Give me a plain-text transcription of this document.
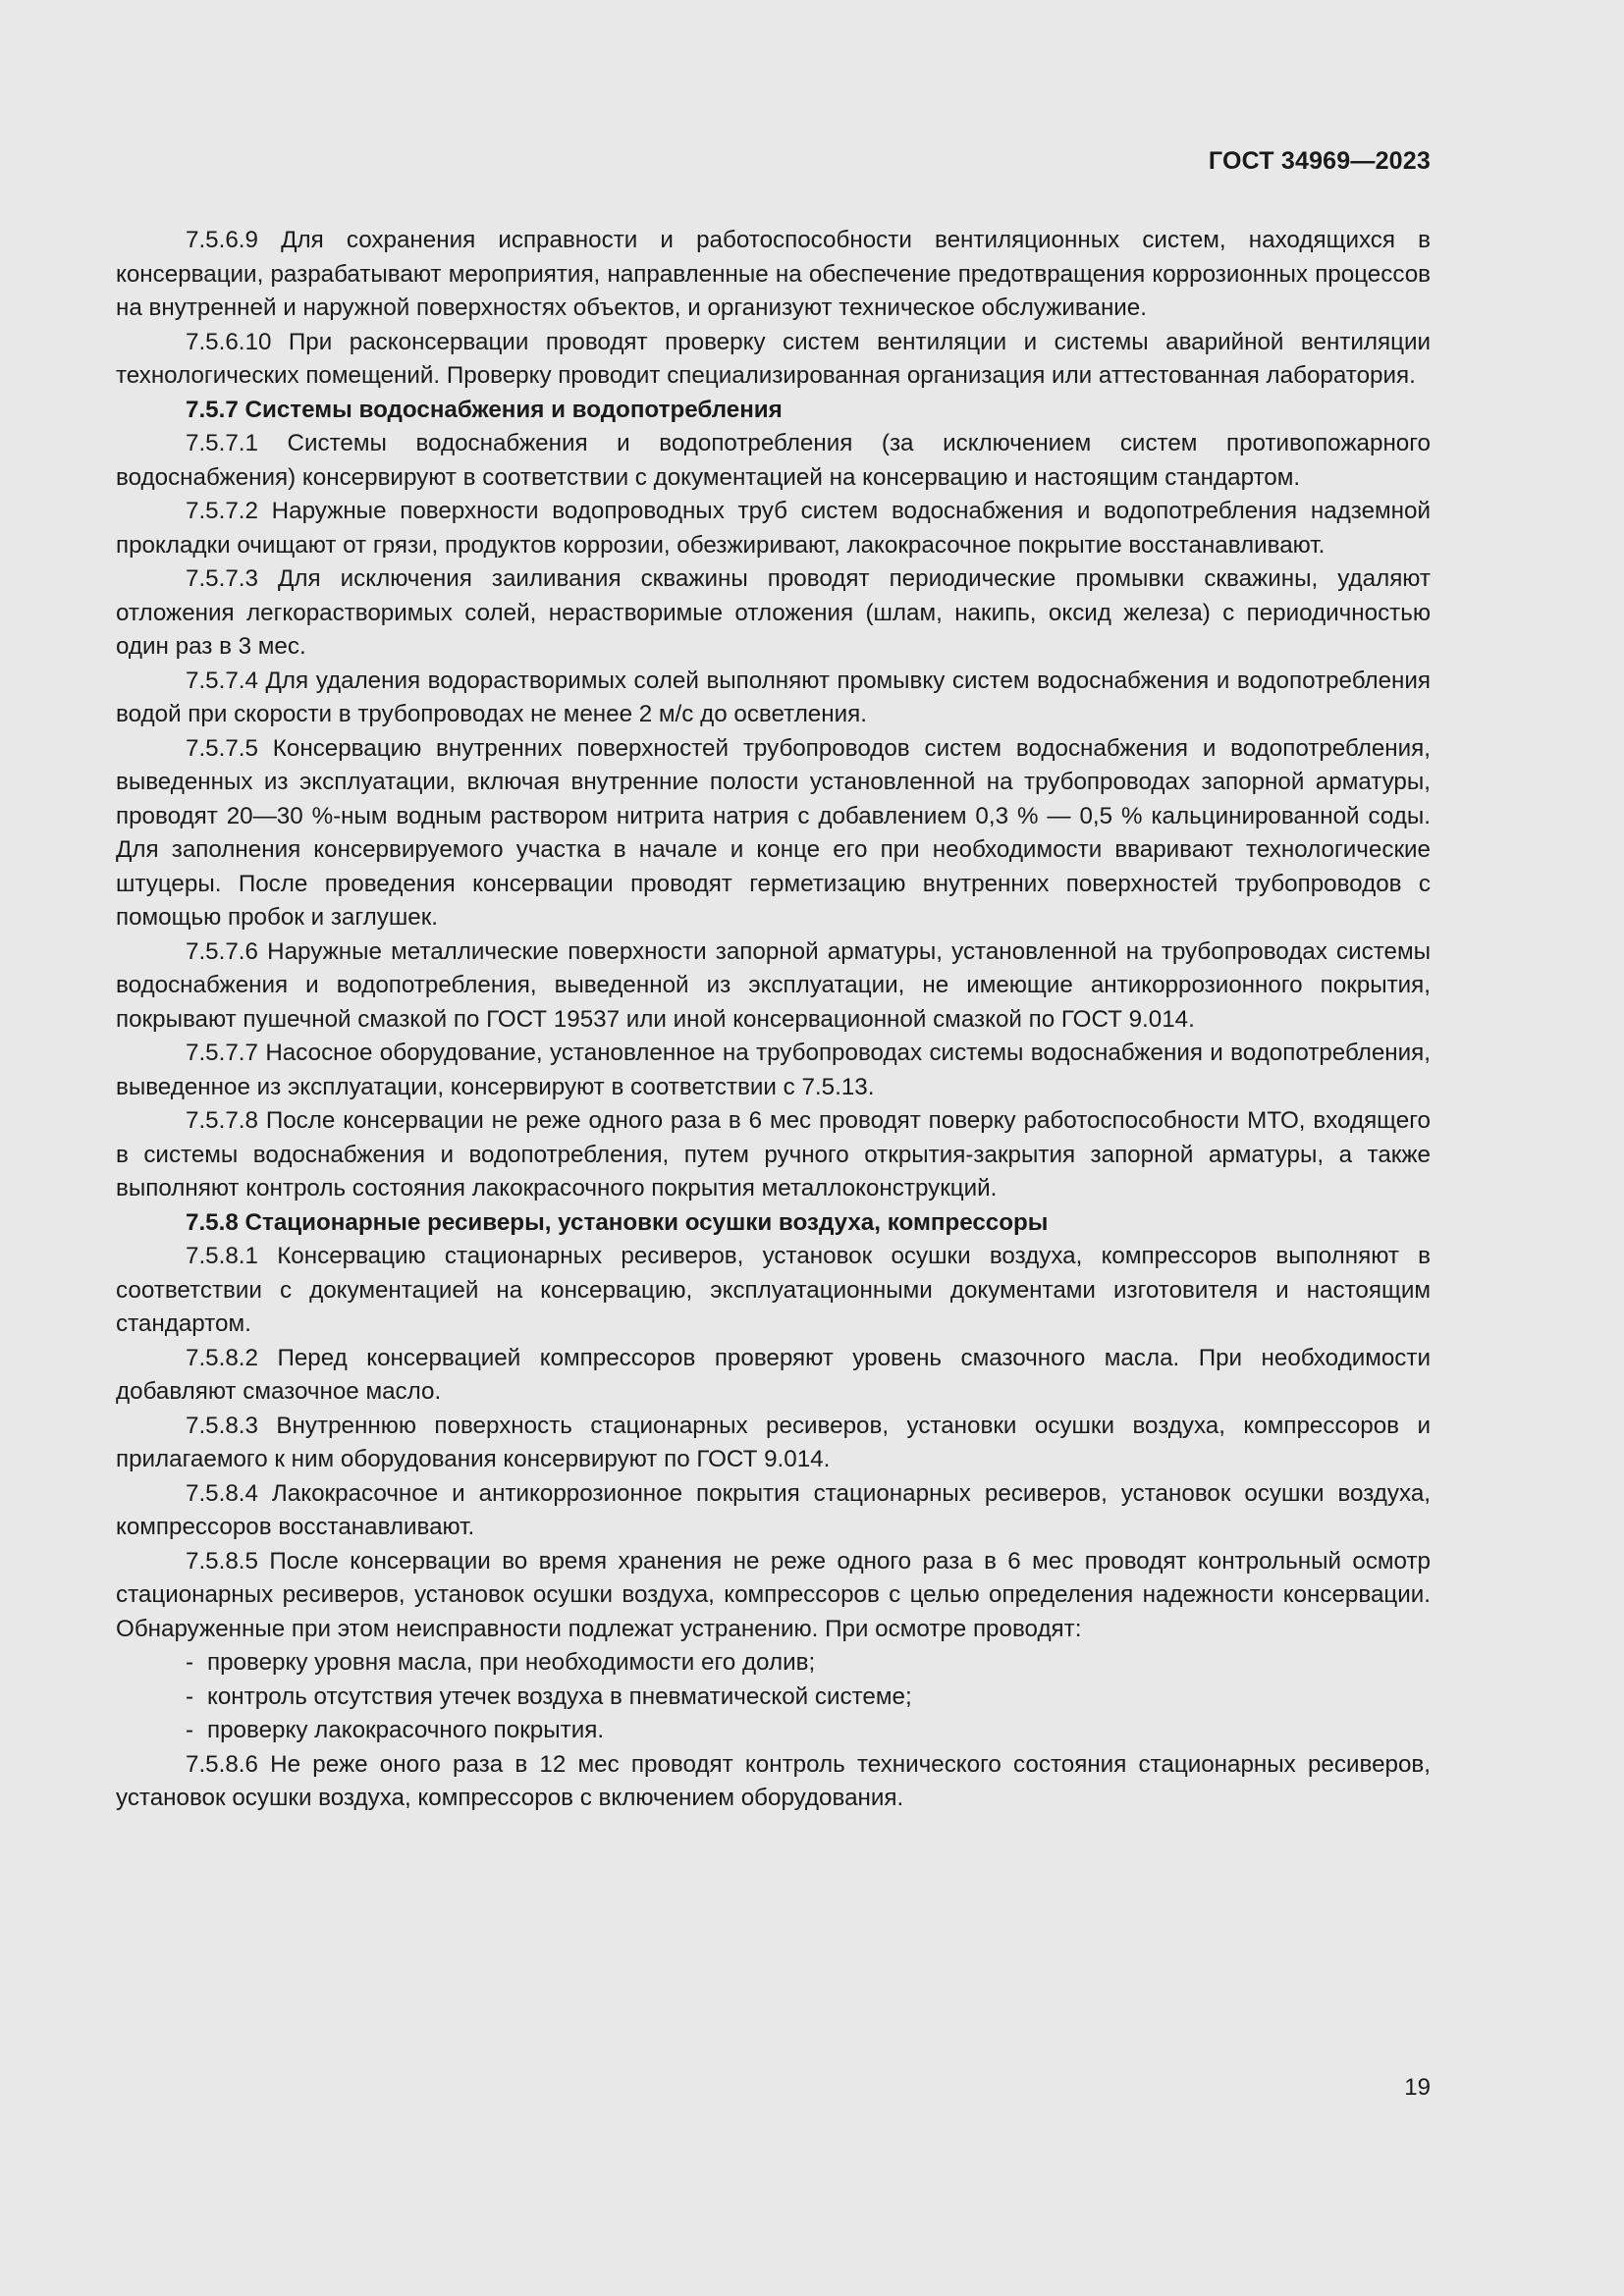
ГОСТ 34969—2023

7.5.6.9 Для сохранения исправности и работоспособности вентиляционных систем, находящихся в консервации, разрабатывают мероприятия, направленные на обеспечение предотвращения коррозионных процессов на внутренней и наружной поверхностях объектов, и организуют техническое обслуживание.

7.5.6.10 При расконсервации проводят проверку систем вентиляции и системы аварийной вентиляции технологических помещений. Проверку проводит специализированная организация или аттестованная лаборатория.

7.5.7 Системы водоснабжения и водопотребления

7.5.7.1 Системы водоснабжения и водопотребления (за исключением систем противопожарного водоснабжения) консервируют в соответствии с документацией на консервацию и настоящим стандартом.

7.5.7.2 Наружные поверхности водопроводных труб систем водоснабжения и водопотребления надземной прокладки очищают от грязи, продуктов коррозии, обезжиривают, лакокрасочное покрытие восстанавливают.

7.5.7.3 Для исключения заиливания скважины проводят периодические промывки скважины, удаляют отложения легкорастворимых солей, нерастворимые отложения (шлам, накипь, оксид железа) с периодичностью один раз в 3 мес.

7.5.7.4 Для удаления водорастворимых солей выполняют промывку систем водоснабжения и водопотребления водой при скорости в трубопроводах не менее 2 м/с до осветления.

7.5.7.5 Консервацию внутренних поверхностей трубопроводов систем водоснабжения и водопотребления, выведенных из эксплуатации, включая внутренние полости установленной на трубопроводах запорной арматуры, проводят 20—30 %-ным водным раствором нитрита натрия с добавлением 0,3 % — 0,5 % кальцинированной соды. Для заполнения консервируемого участка в начале и конце его при необходимости вваривают технологические штуцеры. После проведения консервации проводят герметизацию внутренних поверхностей трубопроводов с помощью пробок и заглушек.

7.5.7.6 Наружные металлические поверхности запорной арматуры, установленной на трубопроводах системы водоснабжения и водопотребления, выведенной из эксплуатации, не имеющие антикоррозионного покрытия, покрывают пушечной смазкой по ГОСТ 19537 или иной консервационной смазкой по ГОСТ 9.014.

7.5.7.7 Насосное оборудование, установленное на трубопроводах системы водоснабжения и водопотребления, выведенное из эксплуатации, консервируют в соответствии с 7.5.13.

7.5.7.8 После консервации не реже одного раза в 6 мес проводят поверку работоспособности МТО, входящего в системы водоснабжения и водопотребления, путем ручного открытия-закрытия запорной арматуры, а также выполняют контроль состояния лакокрасочного покрытия металлоконструкций.

7.5.8 Стационарные ресиверы, установки осушки воздуха, компрессоры

7.5.8.1 Консервацию стационарных ресиверов, установок осушки воздуха, компрессоров выполняют в соответствии с документацией на консервацию, эксплуатационными документами изготовителя и настоящим стандартом.

7.5.8.2 Перед консервацией компрессоров проверяют уровень смазочного масла. При необходимости добавляют смазочное масло.

7.5.8.3 Внутреннюю поверхность стационарных ресиверов, установки осушки воздуха, компрессоров и прилагаемого к ним оборудования консервируют по ГОСТ 9.014.

7.5.8.4 Лакокрасочное и антикоррозионное покрытия стационарных ресиверов, установок осушки воздуха, компрессоров восстанавливают.

7.5.8.5 После консервации во время хранения не реже одного раза в 6 мес проводят контрольный осмотр стационарных ресиверов, установок осушки воздуха, компрессоров с целью определения надежности консервации. Обнаруженные при этом неисправности подлежат устранению. При осмотре проводят:

- проверку уровня масла, при необходимости его долив;

- контроль отсутствия утечек воздуха в пневматической системе;

- проверку лакокрасочного покрытия.

7.5.8.6 Не реже оного раза в 12 мес проводят контроль технического состояния стационарных ресиверов, установок осушки воздуха, компрессоров с включением оборудования.

19
